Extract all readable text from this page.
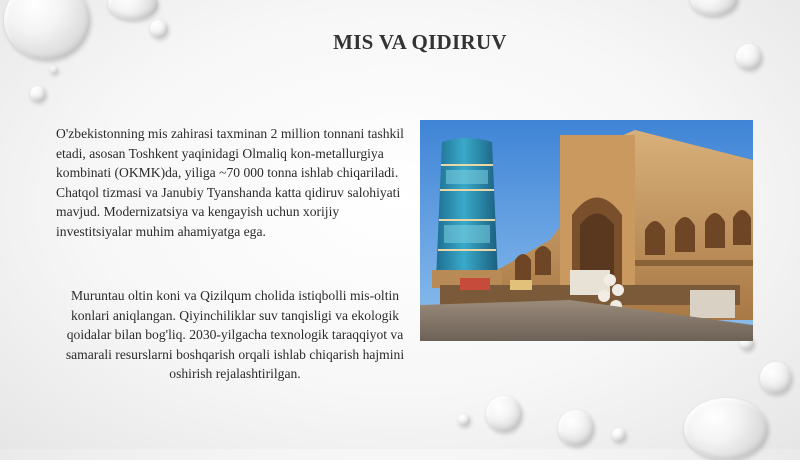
MIS VA QIDIRUV
O'zbekistonning mis zahirasi taxminan 2 million tonnani tashkil etadi, asosan Toshkent yaqinidagi Olmaliq kon-metallurgiya kombinati (OKMK)da, yiliga ~70 000 tonna ishlab chiqariladi. Chatqol tizmasi va Janubiy Tyanshanda katta qidiruv salohiyati mavjud. Modernizatsiya va kengayish uchun xorijiy investitsiyalar muhim ahamiyatga ega.
Muruntau oltin koni va Qizilqum cholida istiqbolli mis-oltin konlari aniqlangan. Qiyinchiliklar suv tanqisligi va ekologik qoidalar bilan bog'liq. 2030-yilgacha texnologik taraqqiyot va samarali resurslarni boshqarish orqali ishlab chiqarish hajmini oshirish rejalashtirilgan.
